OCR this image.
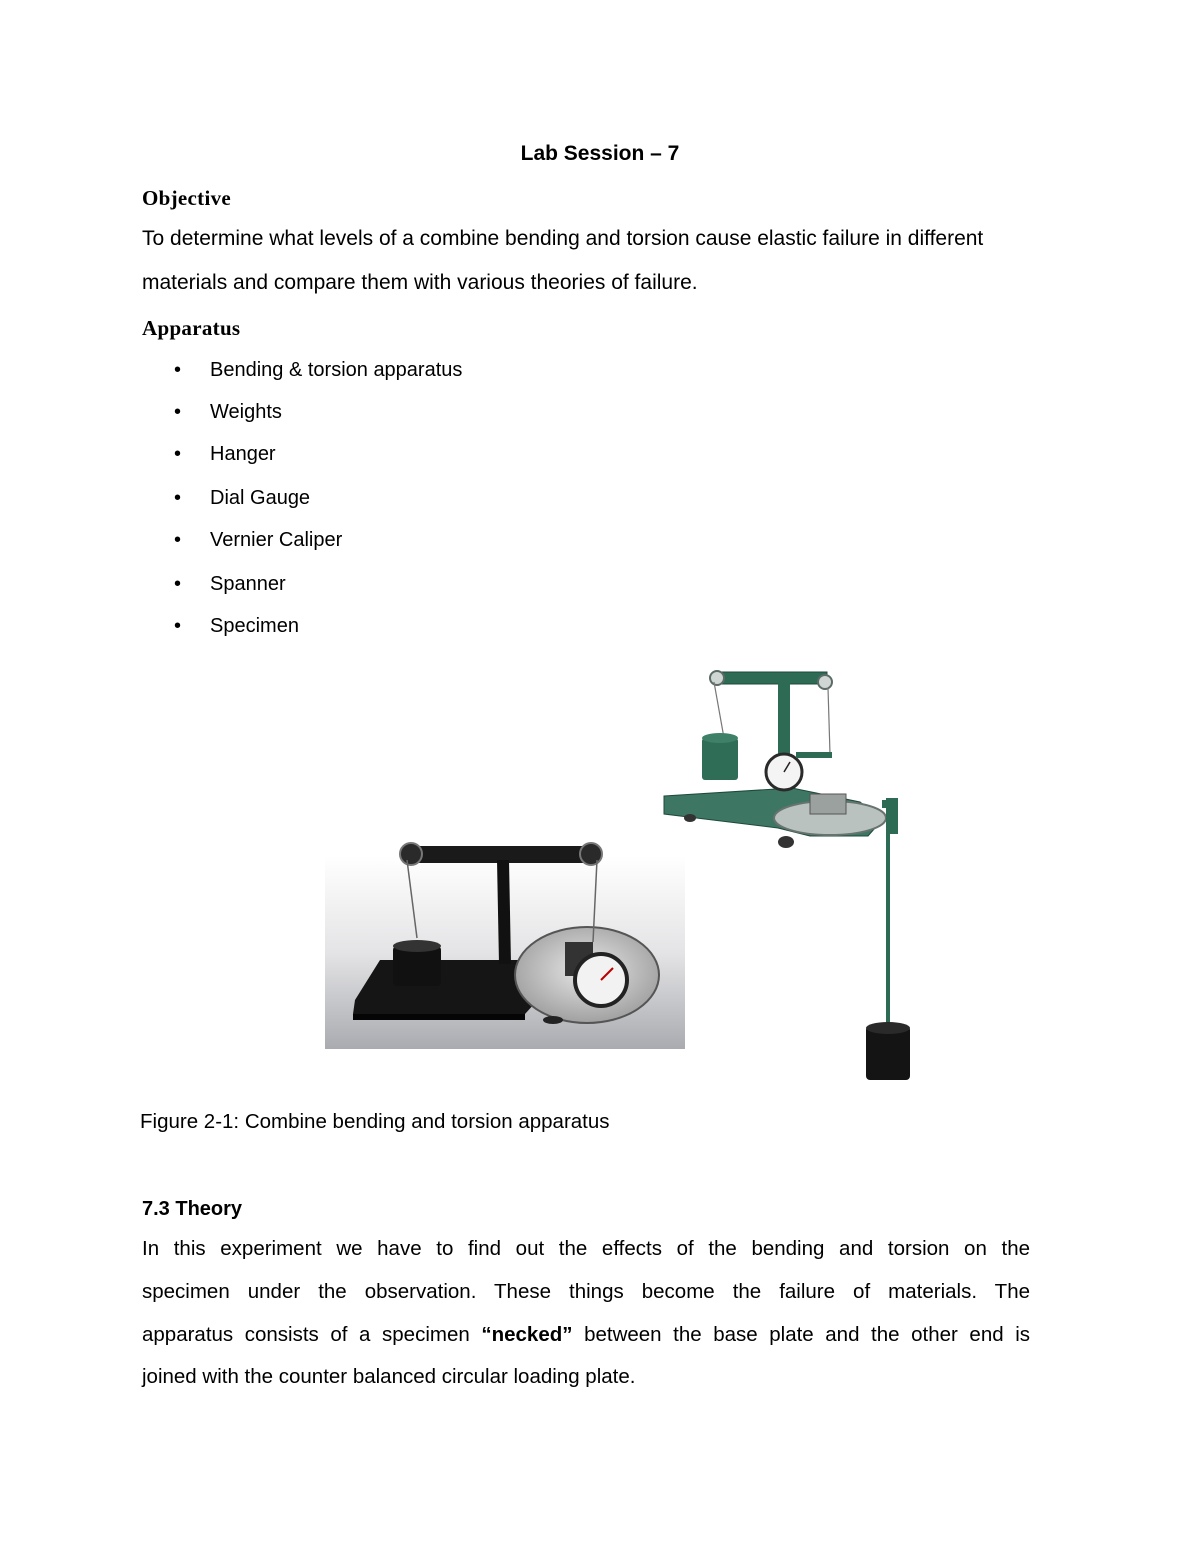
Lab Session – 7
Objective
To determine what levels of a combine bending and torsion cause elastic failure in different
materials and compare them with various theories of failure.
Apparatus
• Bending & torsion apparatus
• Weights
• Hanger
• Dial Gauge
• Vernier Caliper
• Spanner
• Specimen
Figure 2-1: Combine bending and torsion apparatus
7.3 Theory
In this experiment we have to find out the effects of the bending and torsion on the
specimen under the observation. These things become the failure of materials. The
apparatus consists of a specimen “necked” between the base plate and the other end is
joined with the counter balanced circular loading plate.
